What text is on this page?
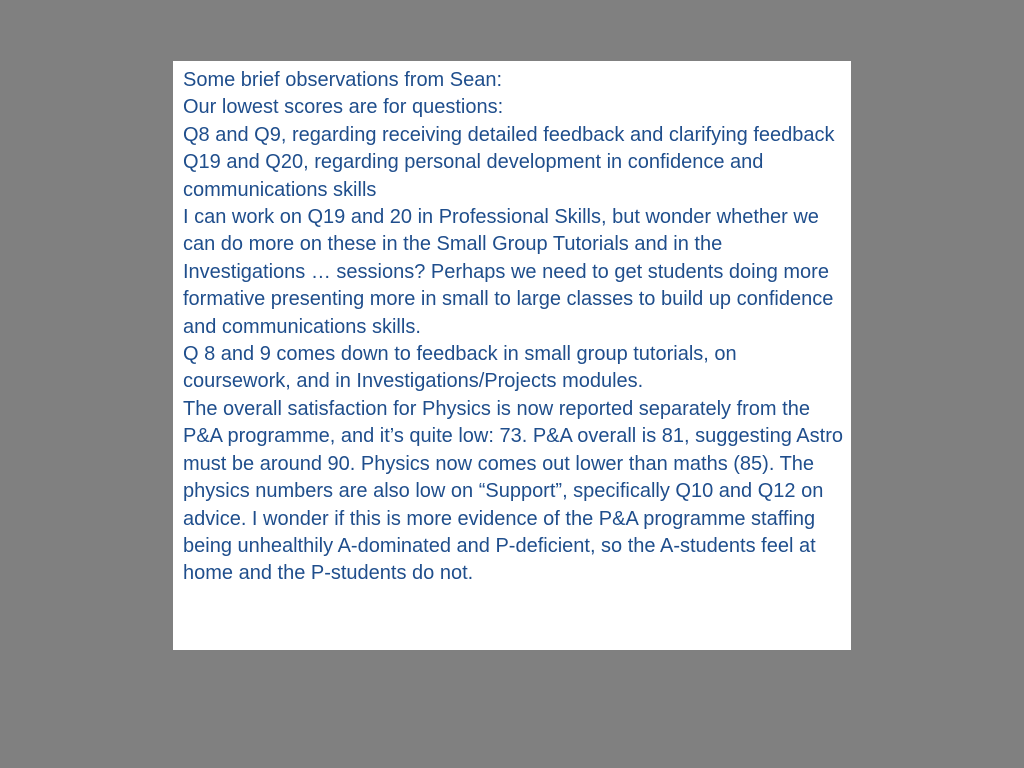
Some brief observations from Sean:

Our lowest scores are for questions:

Q8 and Q9, regarding receiving detailed feedback and clarifying feedback

Q19 and Q20, regarding personal development in confidence and communications skills

I can work on Q19 and 20 in Professional Skills, but wonder whether we can do more on these in the Small Group Tutorials and in the Investigations … sessions? Perhaps we need to get students doing more formative presenting more in small to large classes to build up confidence and communications skills.

Q 8 and 9 comes down to feedback in small group tutorials, on coursework, and in Investigations/Projects modules.

The overall satisfaction for Physics is now reported separately from the P&A programme, and it’s quite low: 73. P&A overall is 81, suggesting Astro must be around 90. Physics now comes out lower than maths (85). The physics numbers are also low on “Support”, specifically Q10 and Q12 on advice. I wonder if this is more evidence of the P&A programme staffing being unhealthily A-dominated and P-deficient, so the A-students feel at home and the P-students do not.
